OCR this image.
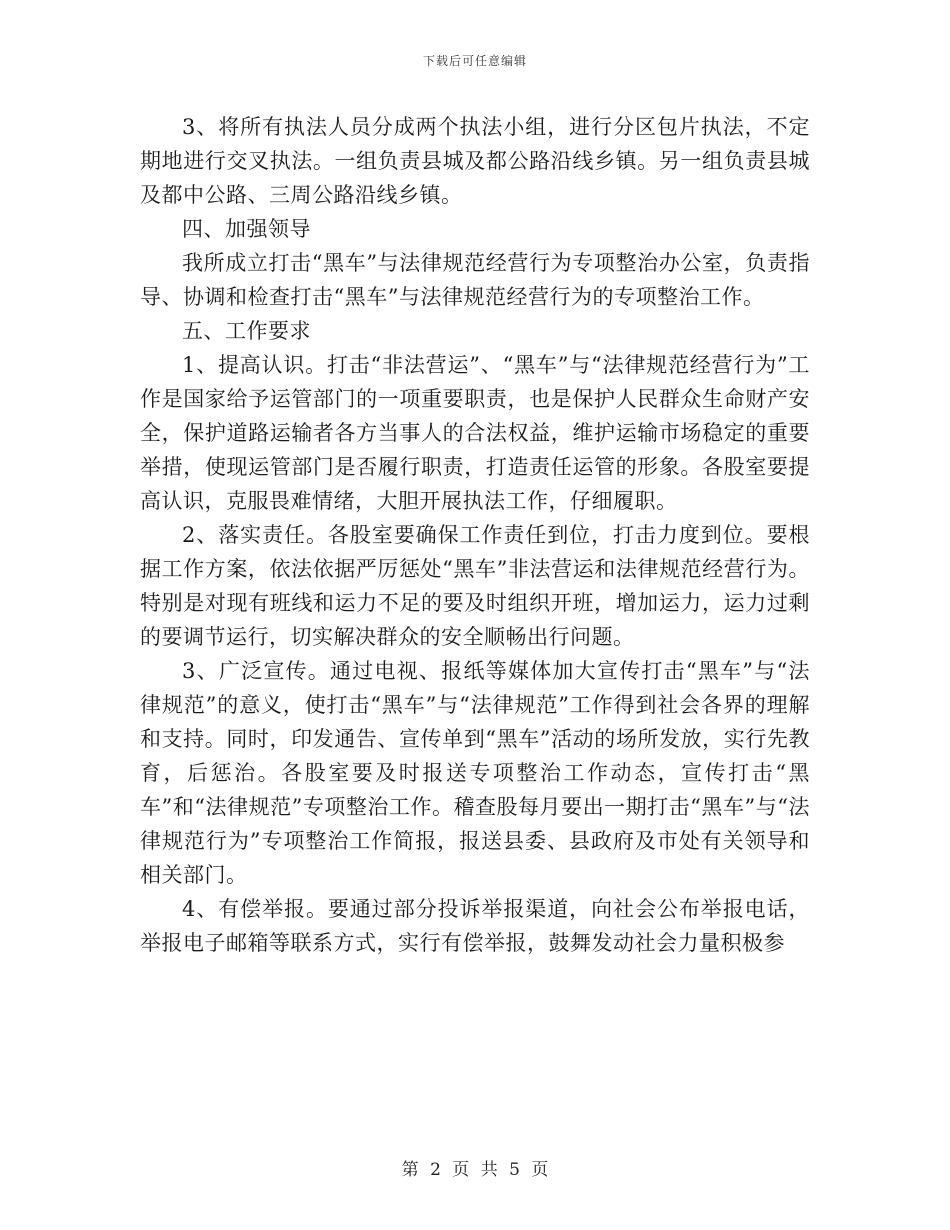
下载后可任意编辑

3、将所有执法人员分成两个执法小组，进行分区包片执法，不定期地进行交叉执法。一组负责县城及都公路沿线乡镇。另一组负责县城及都中公路、三周公路沿线乡镇。

四、加强领导

我所成立打击“黑车”与法律规范经营行为专项整治办公室，负责指导、协调和检查打击“黑车”与法律规范经营行为的专项整治工作。

五、工作要求

1、提高认识。打击“非法营运”、“黑车”与“法律规范经营行为”工作是国家给予运管部门的一项重要职责，也是保护人民群众生命财产安全，保护道路运输者各方当事人的合法权益，维护运输市场稳定的重要举措，使现运管部门是否履行职责，打造责任运管的形象。各股室要提高认识，克服畏难情绪，大胆开展执法工作，仔细履职。

2、落实责任。各股室要确保工作责任到位，打击力度到位。要根据工作方案，依法依据严厉惩处“黑车”非法营运和法律规范经营行为。特别是对现有班线和运力不足的要及时组织开班，增加运力，运力过剩的要调节运行，切实解决群众的安全顺畅出行问题。

3、广泛宣传。通过电视、报纸等媒体加大宣传打击“黑车”与“法律规范”的意义，使打击“黑车”与“法律规范”工作得到社会各界的理解和支持。同时，印发通告、宣传单到“黑车”活动的场所发放，实行先教育，后惩治。各股室要及时报送专项整治工作动态，宣传打击“黑车”和“法律规范”专项整治工作。稽查股每月要出一期打击“黑车”与“法律规范行为”专项整治工作简报，报送县委、县政府及市处有关领导和相关部门。

4、有偿举报。要通过部分投诉举报渠道，向社会公布举报电话，举报电子邮箱等联系方式，实行有偿举报，鼓舞发动社会力量积极参

第 2 页 共 5 页
